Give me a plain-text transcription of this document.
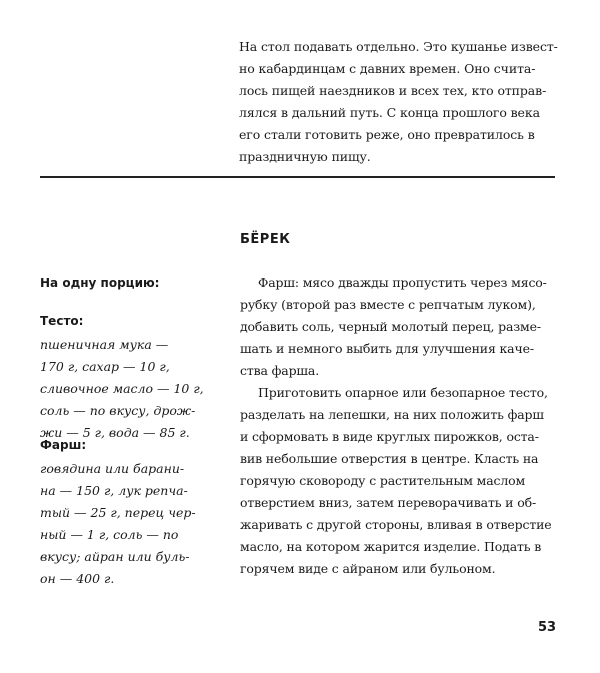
На стол подавать отдельно. Это кушанье извест-
но кабардинцам с давних времен. Оно счита-
лось пищей наездников и всех тех, кто отправ-
лялся в дальний путь. С конца прошлого века
его стали готовить реже, оно превратилось в
праздничную пищу.
БЁРЕК
На одну порцию:
Тесто:
пшеничная мука —
170 г, сахар — 10 г,
сливочное масло — 10 г,
соль — по вкусу, дрож-
жи — 5 г, вода — 85 г.
Фарш:
говядина или барани-
на — 150 г, лук репча-
тый — 25 г, перец чер-
ный — 1 г, соль — по
вкусу; айран или буль-
он — 400 г.
Фарш: мясо дважды пропустить через мясо-
рубку (второй раз вместе с репчатым луком),
добавить соль, черный молотый перец, разме-
шать и немного выбить для улучшения каче-
ства фарша.
Приготовить опарное или безопарное тесто,
разделать на лепешки, на них положить фарш
и сформовать в виде круглых пирожков, оста-
вив небольшие отверстия в центре. Класть на
горячую сковороду с растительным маслом
отверстием вниз, затем переворачивать и об-
жаривать с другой стороны, вливая в отверстие
масло, на котором жарится изделие. Подать в
горячем виде с айраном или бульоном.
53
